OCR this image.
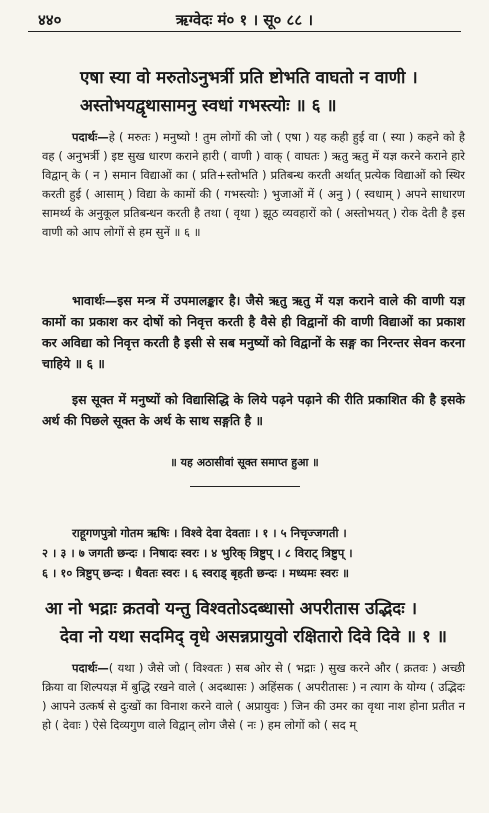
४४०	ऋग्वेदः मं० १ । सू० ८८ ।
एषा स्या वो मरुतोऽनुभर्त्री प्रति ष्टोभति वाघतो न वाणी ।
अस्तोभयद्वृथासामनु स्वधां गभस्त्योः ॥ ६ ॥
पदार्थः—हे ( मरुतः ) मनुष्यो ! तुम लोगों की जो ( एषा ) यह कही हुई वा ( स्या ) कहने को है वह ( अनुभर्त्री ) इष्ट सुख धारण कराने हारी ( वाणी ) वाक् ( वाघतः ) ऋतु ऋतु में यज्ञ करने कराने हारे विद्वान् के ( न ) समान विद्याओं का ( प्रति+स्तोभति ) प्रतिबन्ध करती अर्थात् प्रत्येक विद्याओं को स्थिर करती हुई ( आसाम् ) विद्या के कामों की ( गभस्त्योः ) भुजाओं में ( अनु ) ( स्वधाम् ) अपने साधारण सामर्थ्य के अनुकूल प्रतिबन्धन करती है तथा ( वृथा ) झूठ व्यवहारों को ( अस्तोभयत् ) रोक देती है इस वाणी को आप लोगों से हम सुनें ॥ ६ ॥
भावार्थः—इस मन्त्र में उपमालङ्कार है। जैसे ऋतु ऋतु में यज्ञ कराने वाले की वाणी यज्ञ कामों का प्रकाश कर दोषों को निवृत्त करती है वैसे ही विद्वानों की वाणी विद्याओं का प्रकाश कर अविद्या को निवृत्त करती है इसी से सब मनुष्यों को विद्वानों के सङ्ग का निरन्तर सेवन करना चाहिये ॥ ६ ॥
इस सूक्त में मनुष्यों को विद्यासिद्धि के लिये पढ़ने पढ़ाने की रीति प्रकाशित की है इसके अर्थ की पिछले सूक्त के अर्थ के साथ सङ्गति है ॥
॥ यह अठासीवां सूक्त समाप्त हुआ ॥
राहूगणपुत्रो गोतम ऋषिः । विश्वे देवा देवताः । १ । ५ निचृज्जगती ।
२ । ३ । ७ जगती छन्दः । निषादः स्वरः । ४ भुरिक् त्रिष्टुप् । ८ विराट् त्रिष्टुप् ।
६ । १० त्रिष्टुप् छन्दः । धैवतः स्वरः । ६ स्वराड् बृहती छन्दः । मध्यमः स्वरः ॥
आ नो भद्राः क्रतवो यन्तु विश्वतोऽदब्धासो अपरीतास उद्भिदः ।
देवा नो यथा सदमिद् वृधे असन्नप्रायुवो रक्षितारो दिवे दिवे ॥ १ ॥
पदार्थः—( यथा ) जैसे जो ( विश्वतः ) सब ओर से ( भद्राः ) सुख करने और ( क्रतवः ) अच्छी क्रिया वा शिल्पयज्ञ में बुद्धि रखने वाले ( अदब्धासः ) अहिंसक ( अपरीतासः ) न त्याग के योग्य ( उद्भिदः ) आपने उत्कर्ष से दुःखों का विनाश करने वाले ( अप्रायुवः ) जिन की उमर का वृथा नाश होना प्रतीत न हो ( देवाः ) ऐसे दिव्यगुण वाले विद्वान् लोग जैसे ( नः ) हम लोगों को ( सद म्
